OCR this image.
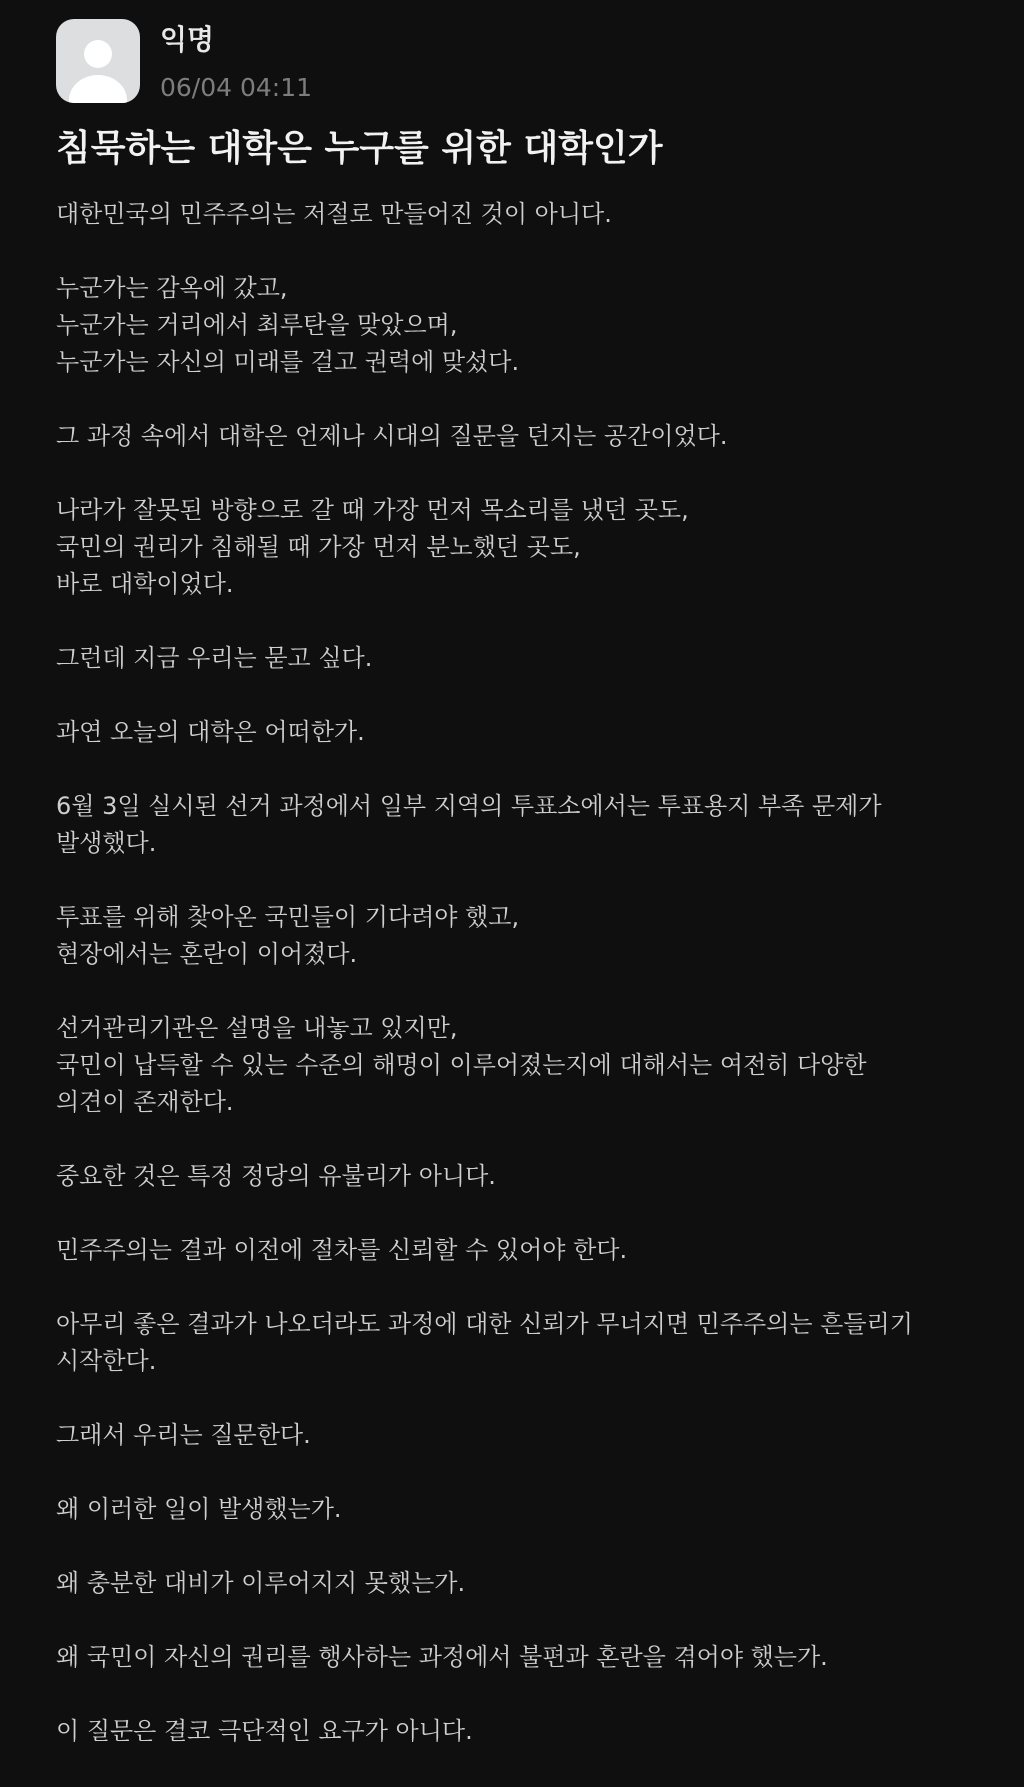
익명
06/04 04:11
침묵하는 대학은 누구를 위한 대학인가

대한민국의 민주주의는 저절로 만들어진 것이 아니다.

누군가는 감옥에 갔고,
누군가는 거리에서 최루탄을 맞았으며,
누군가는 자신의 미래를 걸고 권력에 맞섰다.

그 과정 속에서 대학은 언제나 시대의 질문을 던지는 공간이었다.

나라가 잘못된 방향으로 갈 때 가장 먼저 목소리를 냈던 곳도,
국민의 권리가 침해될 때 가장 먼저 분노했던 곳도,
바로 대학이었다.

그런데 지금 우리는 묻고 싶다.

과연 오늘의 대학은 어떠한가.

6월 3일 실시된 선거 과정에서 일부 지역의 투표소에서는 투표용지 부족 문제가
발생했다.

투표를 위해 찾아온 국민들이 기다려야 했고,
현장에서는 혼란이 이어졌다.

선거관리기관은 설명을 내놓고 있지만,
국민이 납득할 수 있는 수준의 해명이 이루어졌는지에 대해서는 여전히 다양한
의견이 존재한다.

중요한 것은 특정 정당의 유불리가 아니다.

민주주의는 결과 이전에 절차를 신뢰할 수 있어야 한다.

아무리 좋은 결과가 나오더라도 과정에 대한 신뢰가 무너지면 민주주의는 흔들리기
시작한다.

그래서 우리는 질문한다.

왜 이러한 일이 발생했는가.

왜 충분한 대비가 이루어지지 못했는가.

왜 국민이 자신의 권리를 행사하는 과정에서 불편과 혼란을 겪어야 했는가.

이 질문은 결코 극단적인 요구가 아니다.
